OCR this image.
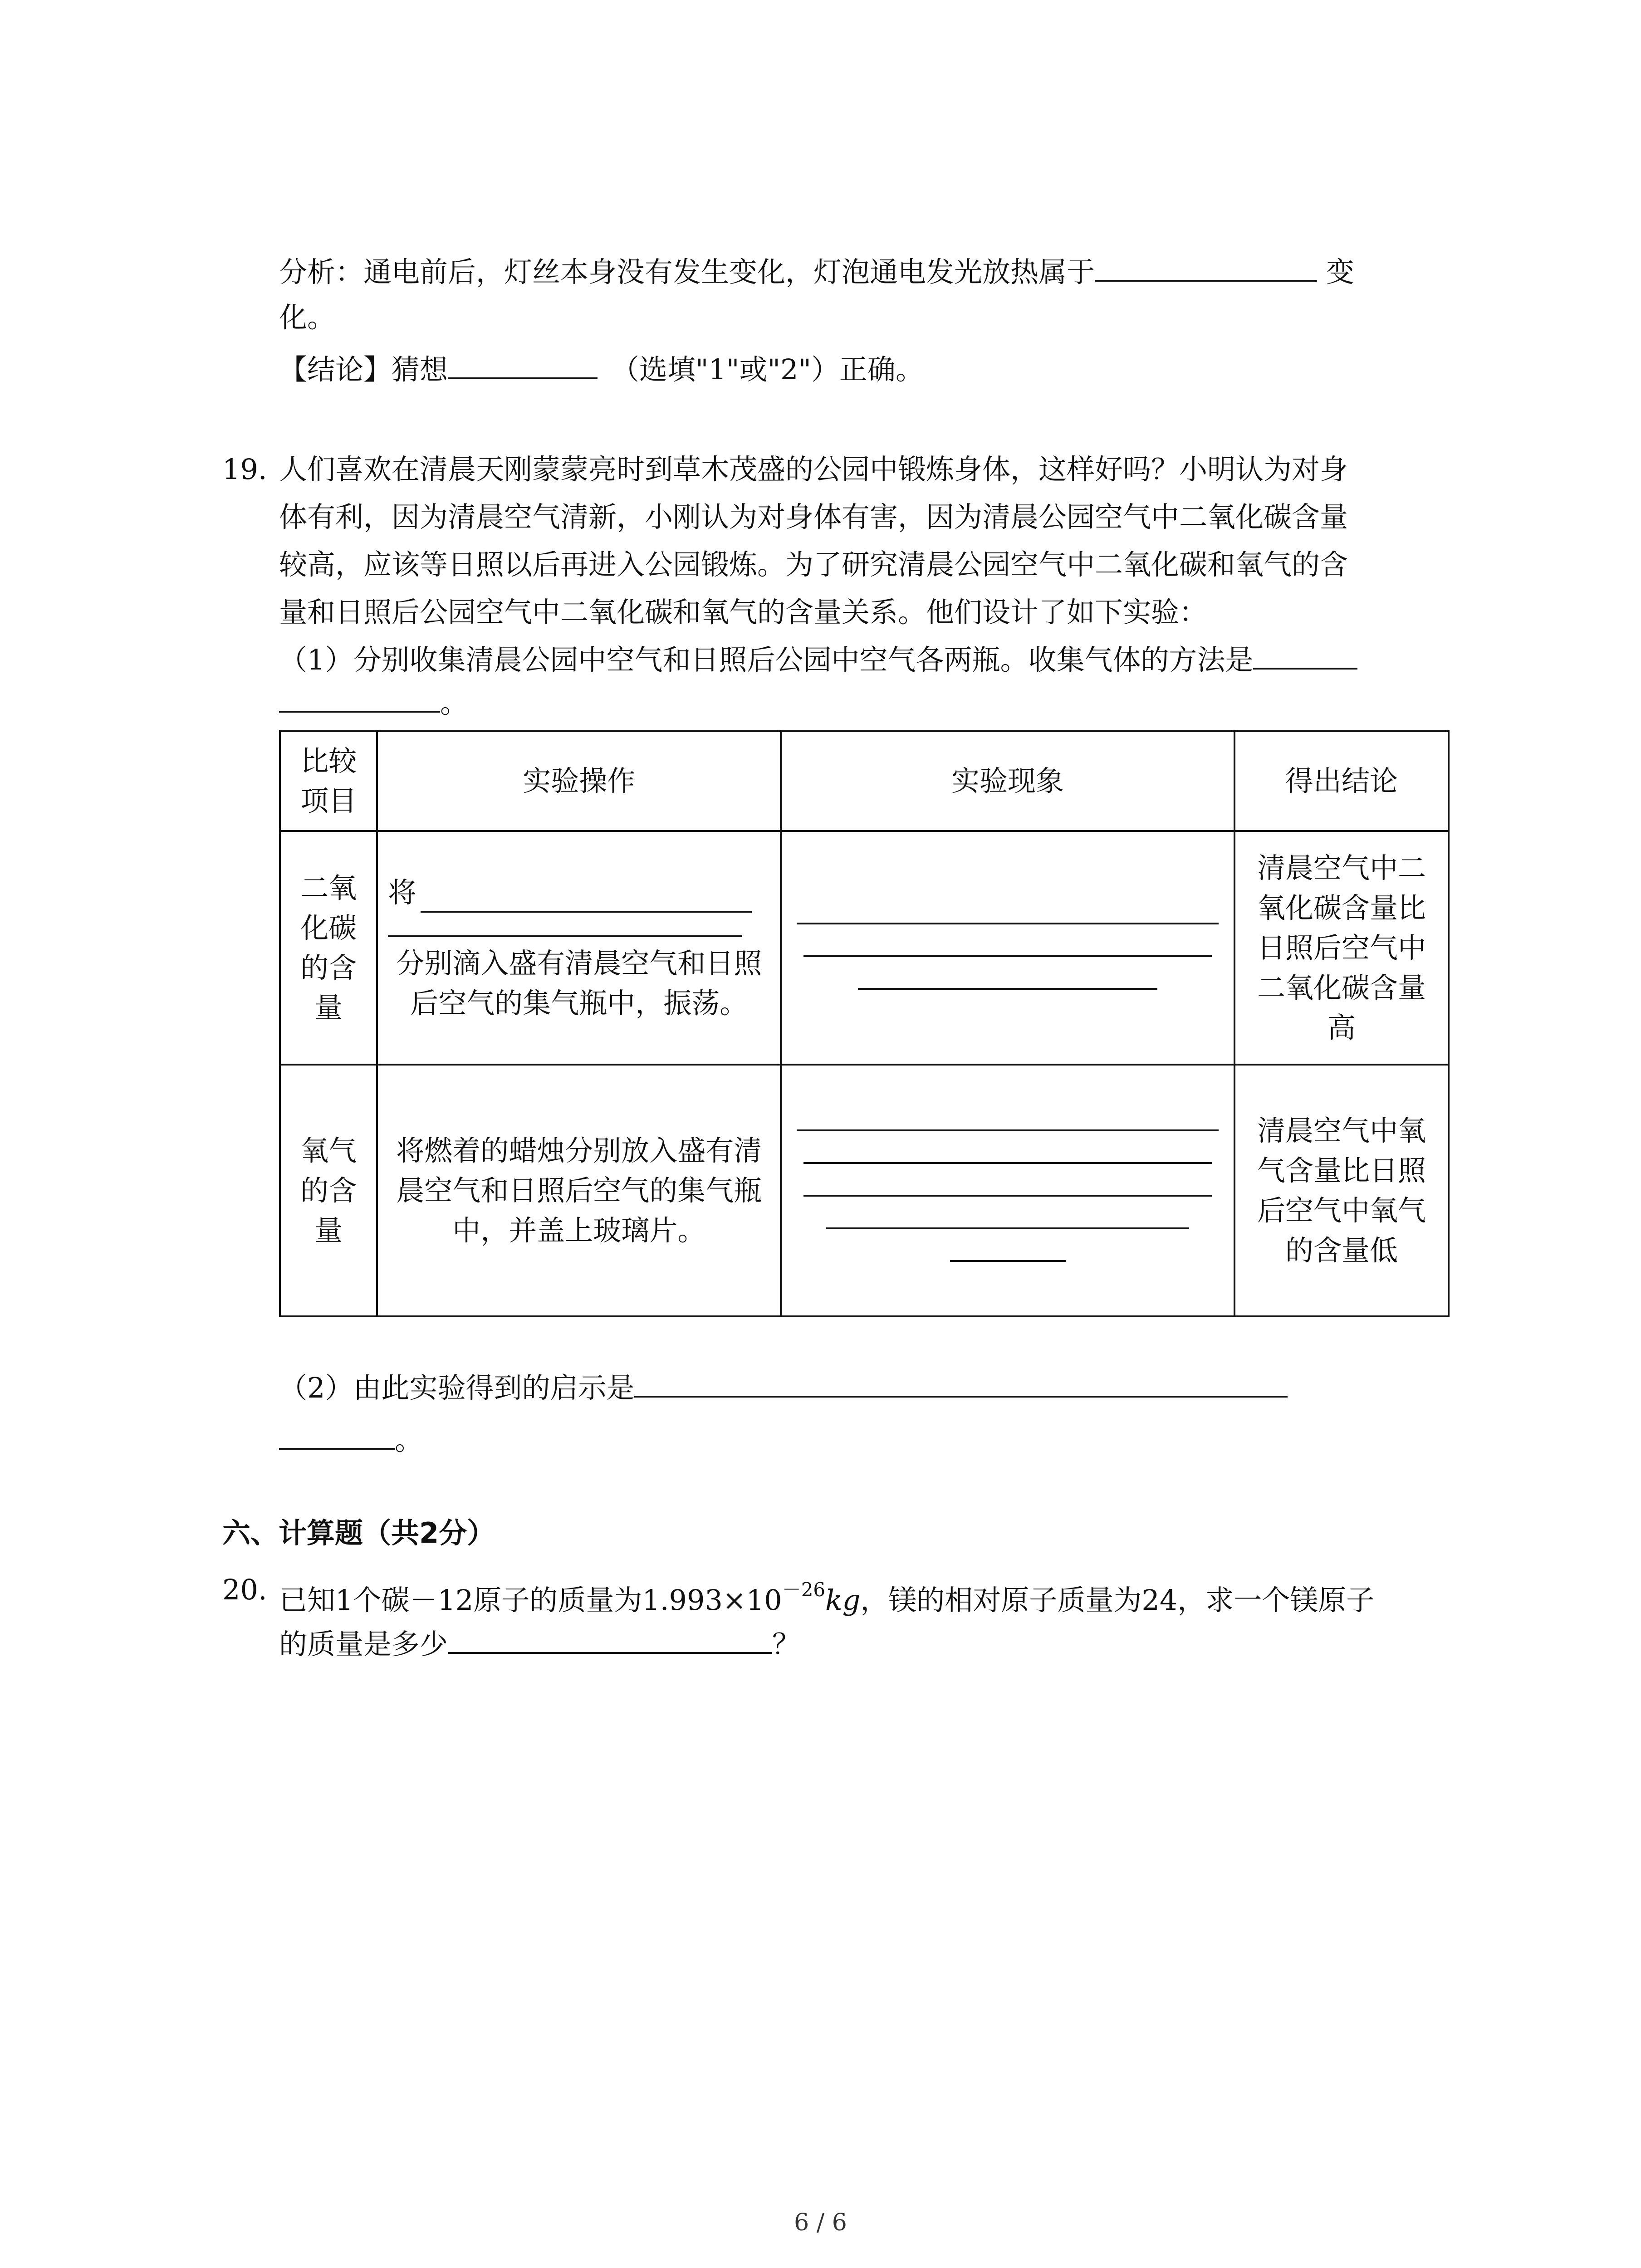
分析：通电前后，灯丝本身没有发生变化，灯泡通电发光放热属于	变
化。
【结论】猜想	（选填"1"或"2"）正确。
19. 人们喜欢在清晨天刚蒙蒙亮时到草木茂盛的公园中锻炼身体，这样好吗？小明认为对身
体有利，因为清晨空气清新，小刚认为对身体有害，因为清晨公园空气中二氧化碳含量
较高，应该等日照以后再进入公园锻炼。为了研究清晨公园空气中二氧化碳和氧气的含
量和日照后公园空气中二氧化碳和氧气的含量关系。他们设计了如下实验：
（1）分别收集清晨公园中空气和日照后公园中空气各两瓶。收集气体的方法是
。
比较项目	实验操作	实验现象	得出结论
二氧化碳的含量	将
分别滴入盛有清晨空气和日照后空气的集气瓶中，振荡。		清晨空气中二氧化碳含量比日照后空气中二氧化碳含量高
氧气的含量	将燃着的蜡烛分别放入盛有清晨空气和日照后空气的集气瓶中，并盖上玻璃片。		清晨空气中氧气含量比日照后空气中氧气的含量低
（2）由此实验得到的启示是
。
六、计算题（共2分）
20. 已知1个碳－12原子的质量为$1.993\times 10^{-26}kg$，镁的相对原子质量为24，求一个镁原子
的质量是多少	？
6 / 6
